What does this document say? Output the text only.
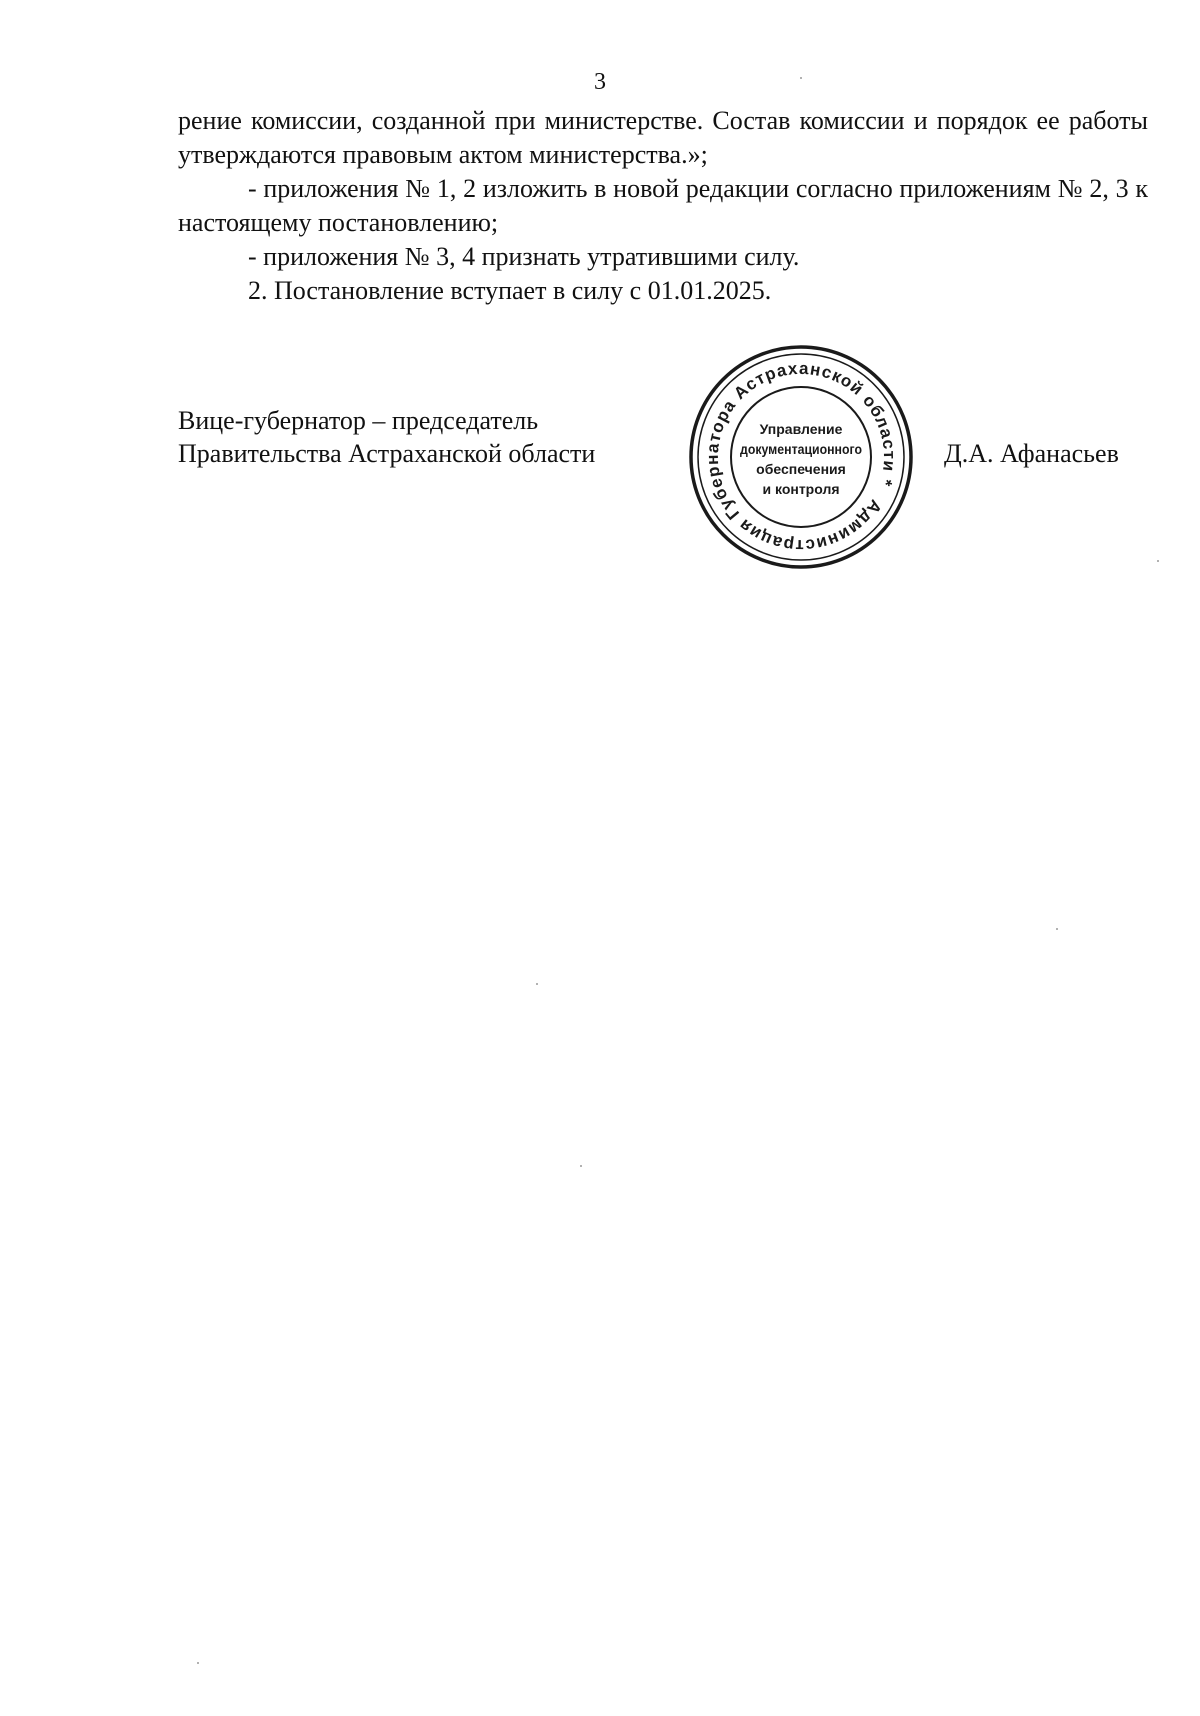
3

рение комиссии, созданной при министерстве. Состав комиссии и порядок ее работы утверждаются правовым актом министерства.»;

- приложения № 1, 2 изложить в новой редакции согласно приложениям № 2, 3 к настоящему постановлению;

- приложения № 3, 4 признать утратившими силу.

2. Постановление вступает в силу с 01.01.2025.

Вице-губернатор – председатель
Правительства Астраханской области	Д.А. Афанасьев
Администрация Губернатора Астраханской области *
Управление
документационного
обеспечения
и контроля
